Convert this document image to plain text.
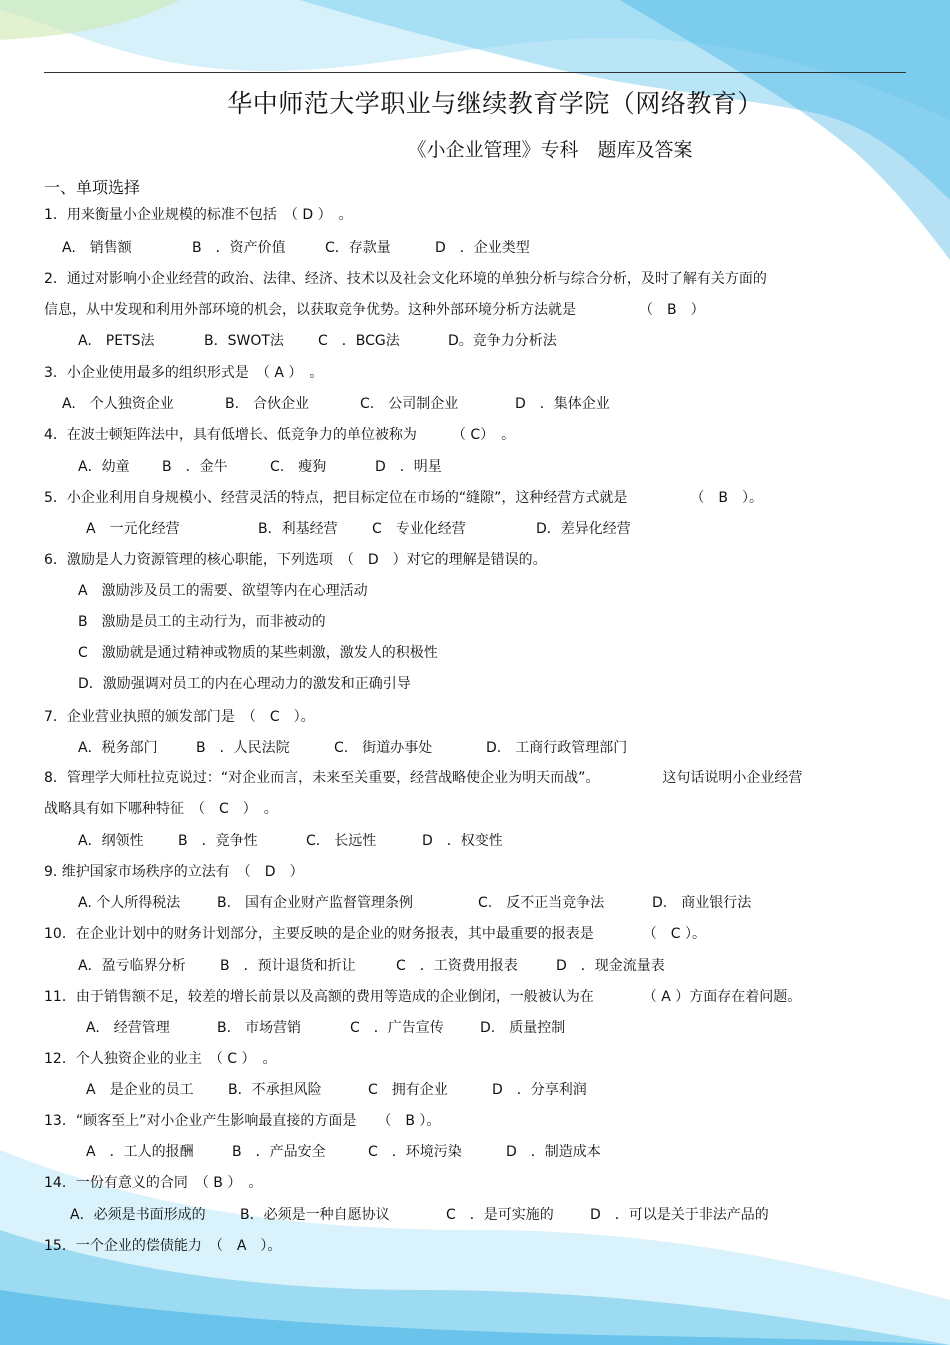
华中师范大学职业与继续教育学院（网络教育）
《小企业管理》专科　题库及答案
一、单项选择
1．用来衡量小企业规模的标准不包括　（ D ）　。
A.　销售额	B　．资产价值	C．存款量	D　．企业类型
2．通过对影响小企业经营的政治、法律、经济、技术以及社会文化环境的单独分析与综合分析，及时了解有关方面的
信息，从中发现和利用外部环境的机会，以获取竞争优势。这种外部环境分析方法就是　　　　　（　B　）
A.　PETS法	B．SWOT法 C　．BCG法	D。竞争力分析法
3．小企业使用最多的组织形式是　（ A ）　。
A.　个人独资企业	B.　合伙企业	C.　公司制企业	D　．集体企业
4．在波士顿矩阵法中，具有低增长、低竞争力的单位被称为　　　（ C）　。
A．幼童 B　．金牛	C.　瘦狗	D　．明星
5．小企业利用自身规模小、经营灵活的特点，把目标定位在市场的“缝隙”，这种经营方式就是　　　　　（　B　）。
A　一元化经营	B．利基经营 C　专业化经营	D．差异化经营
6．激励是人力资源管理的核心职能，下列选项　（　D　）对它的理解是错误的。
A　激励涉及员工的需要、欲望等内在心理活动
B　激励是员工的主动行为，而非被动的
C　激励就是通过精神或物质的某些刺激，激发人的积极性
D．激励强调对员工的内在心理动力的激发和正确引导
7．企业营业执照的颁发部门是　（　C　）。
A．税务部门	B　．人民法院	C.　街道办事处	D.　工商行政管理部门
8．管理学大师杜拉克说过：“对企业而言，未来至关重要，经营战略使企业为明天而战”。　　　　　这句话说明小企业经营
战略具有如下哪种特征　（　C　）　。
A．纲领性 B　．竞争性	C.　长远性	D　．权变性
9. 维护国家市场秩序的立法有　（　D　）
A. 个人所得税法	B.　国有企业财产监督管理条例	C.　反不正当竞争法	D.　商业银行法
10．在企业计划中的财务计划部分，主要反映的是企业的财务报表，其中最重要的报表是　　　　（　C ）。
A．盈亏临界分析 B　．预计退货和折让	C　．工资费用报表	D　．现金流量表
11．由于销售额不足，较差的增长前景以及高额的费用等造成的企业倒闭，一般被认为在　　　　（ A ）方面存在着问题。
A.　经营管理	B.　市场营销	C　．广告宣传	D.　质量控制
12．个人独资企业的业主　（ C ）　。
A　是企业的员工 B．不承担风险	C　拥有企业	D　．分享利润
13．“顾客至上”对小企业产生影响最直接的方面是　　（　B ）。
A　．工人的报酬	B　．产品安全	C　．环境污染	D　．制造成本
14．一份有意义的合同　（ B ）　。
A．必须是书面形成的 B．必须是一种自愿协议	C　．是可实施的	D　．可以是关于非法产品的
15．一个企业的偿债能力　（　A　）。
